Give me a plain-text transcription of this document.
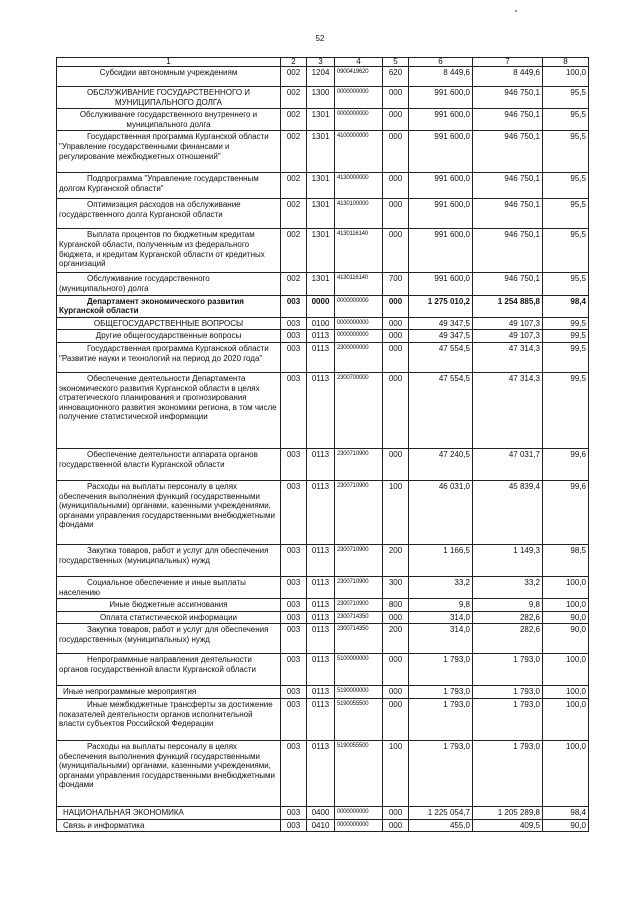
52
1	2	3	4	5	6	7	8
Субсидии автономным учреждениям	002	1204	0900419620	620	8 449,6	8 449,6	100,0
ОБСЛУЖИВАНИЕ ГОСУДАРСТВЕННОГО И МУНИЦИПАЛЬНОГО ДОЛГА	002	1300	0000000000	000	991 600,0	946 750,1	95,5
Обслуживание государственного внутреннего и муниципального долга	002	1301	0000000000	000	991 600,0	946 750,1	95,5
Государственная программа Курганской области "Управление государственными финансами и регулирование межбюджетных отношений"	002	1301	4100000000	000	991 600,0	946 750,1	95,5
Подпрограмма "Управление государственным долгом Курганской области"	002	1301	4130000000	000	991 600,0	946 750,1	95,5
Оптимизация расходов на обслуживание государственного долга Курганской области	002	1301	4130100000	000	991 600,0	946 750,1	95,5
Выплата процентов по бюджетным кредитам Курганской области, полученным из федерального бюджета, и кредитам Курганской области от кредитных организаций	002	1301	4130116140	000	991 600,0	946 750,1	95,5
Обслуживание государственного (муниципального) долга	002	1301	4130116140	700	991 600,0	946 750,1	95,5
Департамент экономического развития Курганской области	003	0000	0000000000	000	1 275 010,2	1 254 885,8	98,4
ОБЩЕГОСУДАРСТВЕННЫЕ ВОПРОСЫ	003	0100	0000000000	000	49 347,5	49 107,3	99,5
Другие общегосударственные вопросы	003	0113	0000000000	000	49 347,5	49 107,3	99,5
Государственная программа Курганской области "Развитие науки и технологий на период до 2020 года"	003	0113	2300000000	000	47 554,5	47 314,3	99,5
Обеспечение деятельности Департамента экономического развития Курганской области в целях стратегического планирования и прогнозирования инновационного развития экономики региона, в том числе получение статистической информации	003	0113	2300700000	000	47 554,5	47 314,3	99,5
Обеспечение деятельности аппарата органов государственной власти Курганской области	003	0113	2300710900	000	47 240,5	47 031,7	99,6
Расходы на выплаты персоналу в целях обеспечения выполнения функций государственными (муниципальными) органами, казенными учреждениями, органами управления государственными внебюджетными фондами	003	0113	2300710900	100	46 031,0	45 839,4	99,6
Закупка товаров, работ и услуг для обеспечения государственных (муниципальных) нужд	003	0113	2300710900	200	1 166,5	1 149,3	98,5
Социальное обеспечение и иные выплаты населению	003	0113	2300710900	300	33,2	33,2	100,0
Иные бюджетные ассигнования	003	0113	2300710900	800	9,8	9,8	100,0
Оплата статистической информации	003	0113	2300714350	000	314,0	282,6	90,0
Закупка товаров, работ и услуг для обеспечения государственных (муниципальных) нужд	003	0113	2300714350	200	314,0	282,6	90,0
Непрограммные направления деятельности органов государственной власти Курганской области	003	0113	5100000000	000	1 793,0	1 793,0	100,0
Иные непрограммные мероприятия	003	0113	5190000000	000	1 793,0	1 793,0	100,0
Иные межбюджетные трансферты за достижение показателей деятельности органов исполнительной власти субъектов Российской Федерации	003	0113	5190055500	000	1 793,0	1 793,0	100,0
Расходы на выплаты персоналу в целях обеспечения выполнения функций государственными (муниципальными) органами, казенными учреждениями, органами управления государственными внебюджетными фондами	003	0113	5190055500	100	1 793,0	1 793,0	100,0
НАЦИОНАЛЬНАЯ ЭКОНОМИКА	003	0400	0000000000	000	1 225 054,7	1 205 289,8	98,4
Связь и информатика	003	0410	0000000000	000	455,0	409,5	90,0
